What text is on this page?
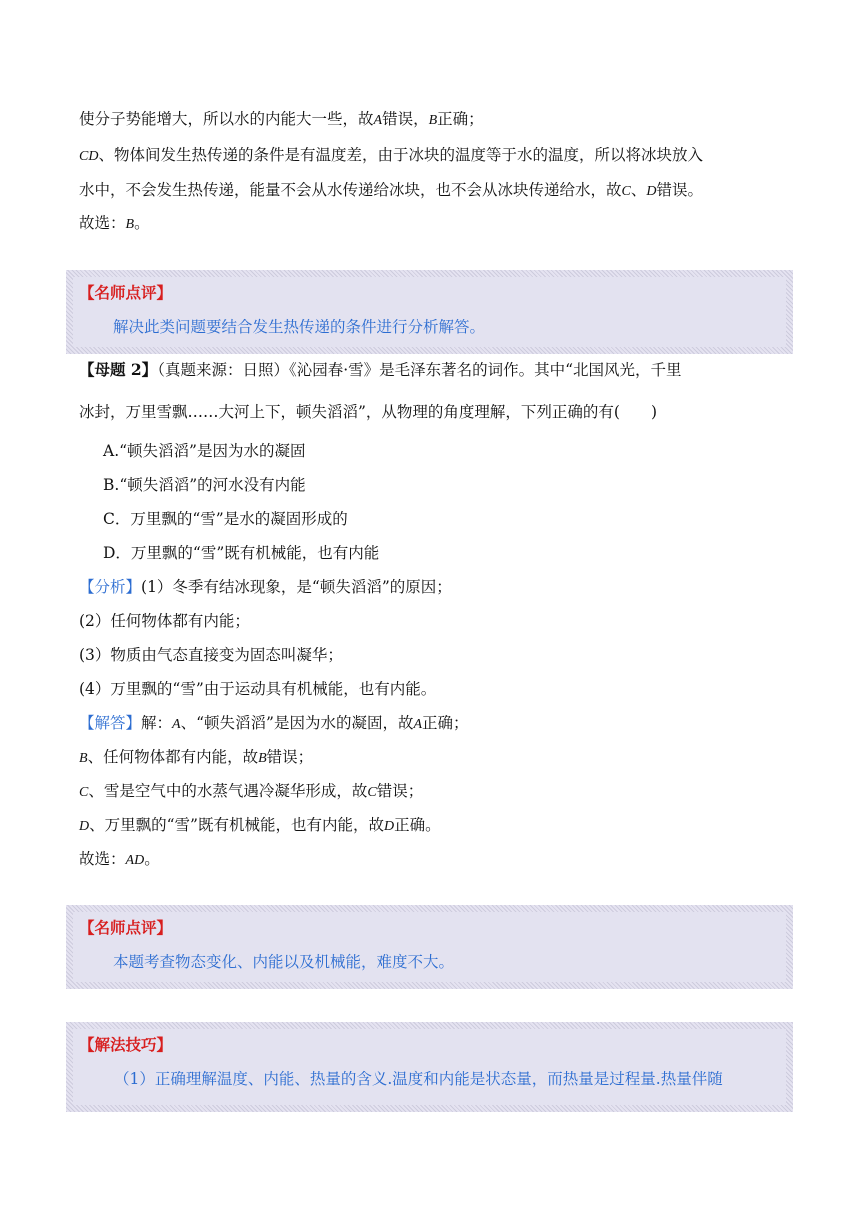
使分子势能增大，所以水的内能大一些，故A错误，B正确；
CD、物体间发生热传递的条件是有温度差，由于冰块的温度等于水的温度，所以将冰块放入
水中，不会发生热传递，能量不会从水传递给冰块，也不会从冰块传递给水，故C、D错误。
故选：B。
【名师点评】
解决此类问题要结合发生热传递的条件进行分析解答。
【母题 2】（真题来源：日照）《沁园春·雪》是毛泽东著名的词作。其中“北国风光，千里
冰封，万里雪飘……大河上下，顿失滔滔”，从物理的角度理解，下列正确的有(　　)
A.“顿失滔滔”是因为水的凝固
B.“顿失滔滔”的河水没有内能
C．万里飘的“雪”是水的凝固形成的
D．万里飘的“雪”既有机械能，也有内能
【分析】(1）冬季有结冰现象，是“顿失滔滔”的原因；
(2）任何物体都有内能；
(3）物质由气态直接变为固态叫凝华；
(4）万里飘的“雪”由于运动具有机械能，也有内能。
【解答】解：A、“顿失滔滔”是因为水的凝固，故A正确；
B、任何物体都有内能，故B错误；
C、雪是空气中的水蒸气遇冷凝华形成，故C错误；
D、万里飘的“雪”既有机械能，也有内能，故D正确。
故选：AD。
【名师点评】
本题考查物态变化、内能以及机械能，难度不大。
【解法技巧】
（1）正确理解温度、内能、热量的含义.温度和内能是状态量，而热量是过程量.热量伴随
